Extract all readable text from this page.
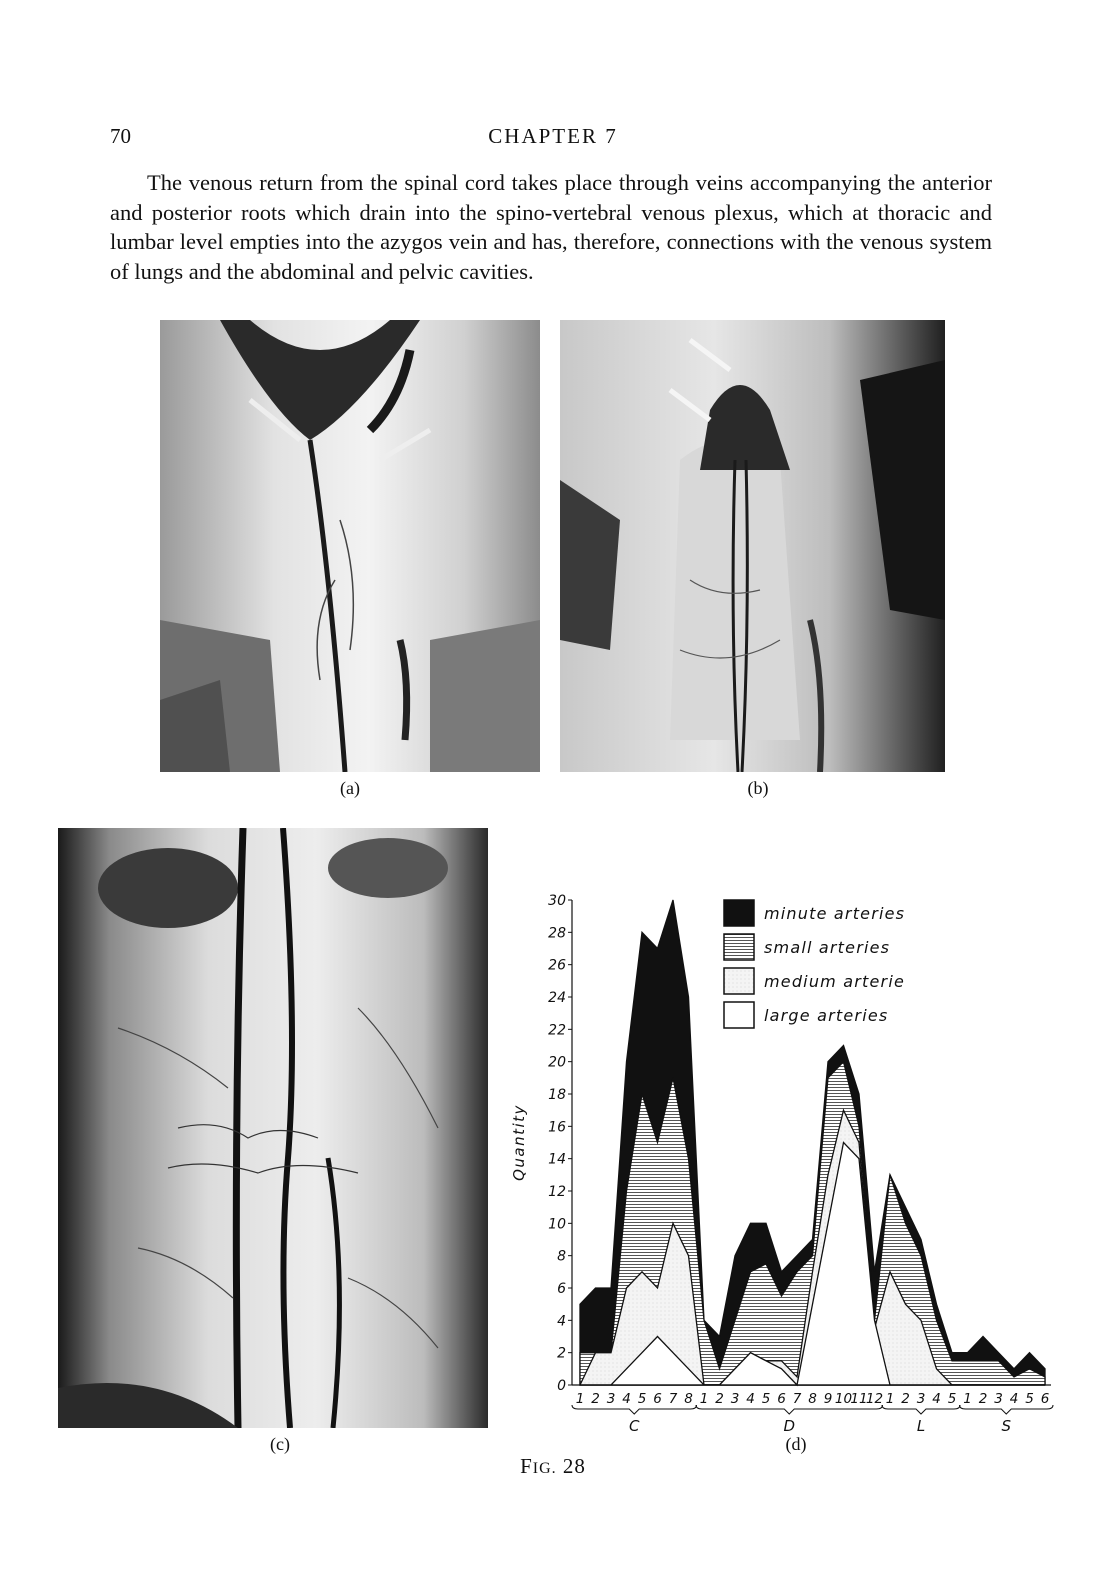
70	CHAPTER 7

The venous return from the spinal cord takes place through veins accompanying the anterior and posterior roots which drain into the spino-vertebral venous plexus, which at thoracic and lumbar level empties into the azygos vein and has, therefore, connections with the venous system of lungs and the abdominal and pelvic cavities.

(a)	(b)
(c)
0
2
4
6
8
10
12
14
16
18
20
22
24
26
28
30
Quantity
1 2 3 4 5 6 7 8 1 2 3 4 5 6 7 8 9 10
11
12 1 2 3 4 5 1 2 3 4 5 6
C	D	L	S
minute arteries
small arteries
medium arterie
large arteries
(d)
FIG. 28
